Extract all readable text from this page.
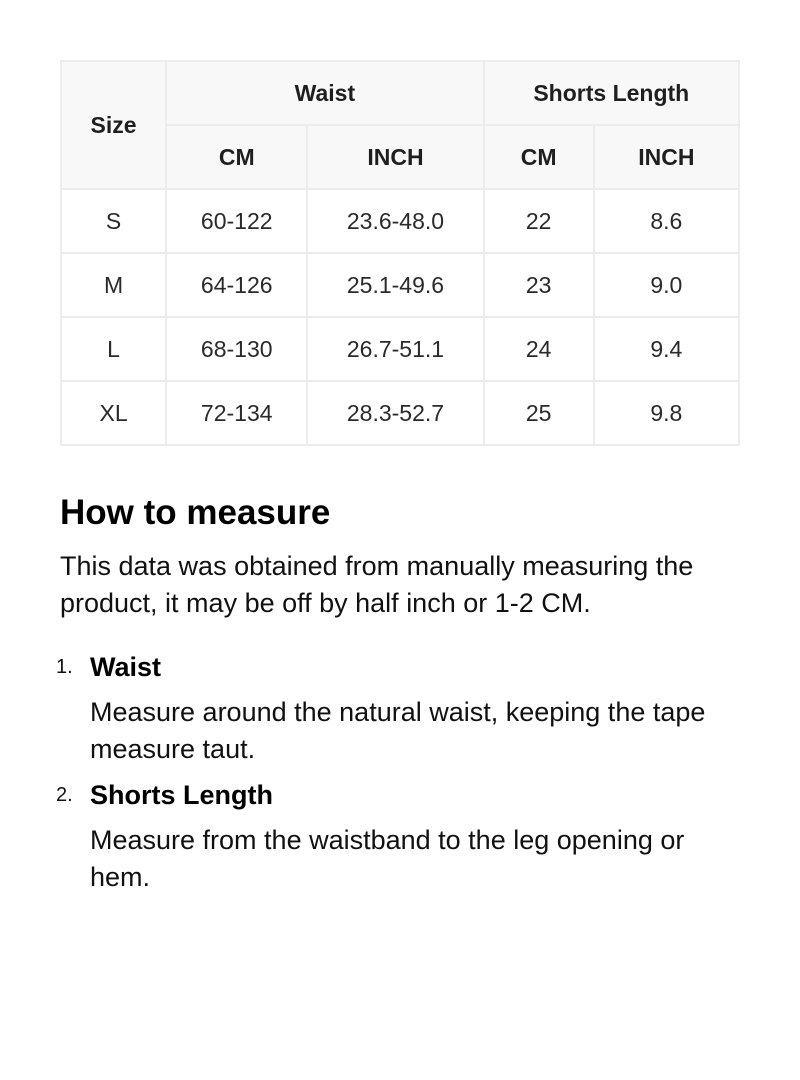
Size	Waist		Shorts Length	
	CM	INCH	CM	INCH
S	60-122	23.6-48.0	22	8.6
M	64-126	25.1-49.6	23	9.0
L	68-130	26.7-51.1	24	9.4
XL	72-134	28.3-52.7	25	9.8
How to measure

This data was obtained from manually measuring the product, it may be off by half inch or 1-2 CM.

1. Waist
Measure around the natural waist, keeping the tape measure taut.
2. Shorts Length
Measure from the waistband to the leg opening or hem.
